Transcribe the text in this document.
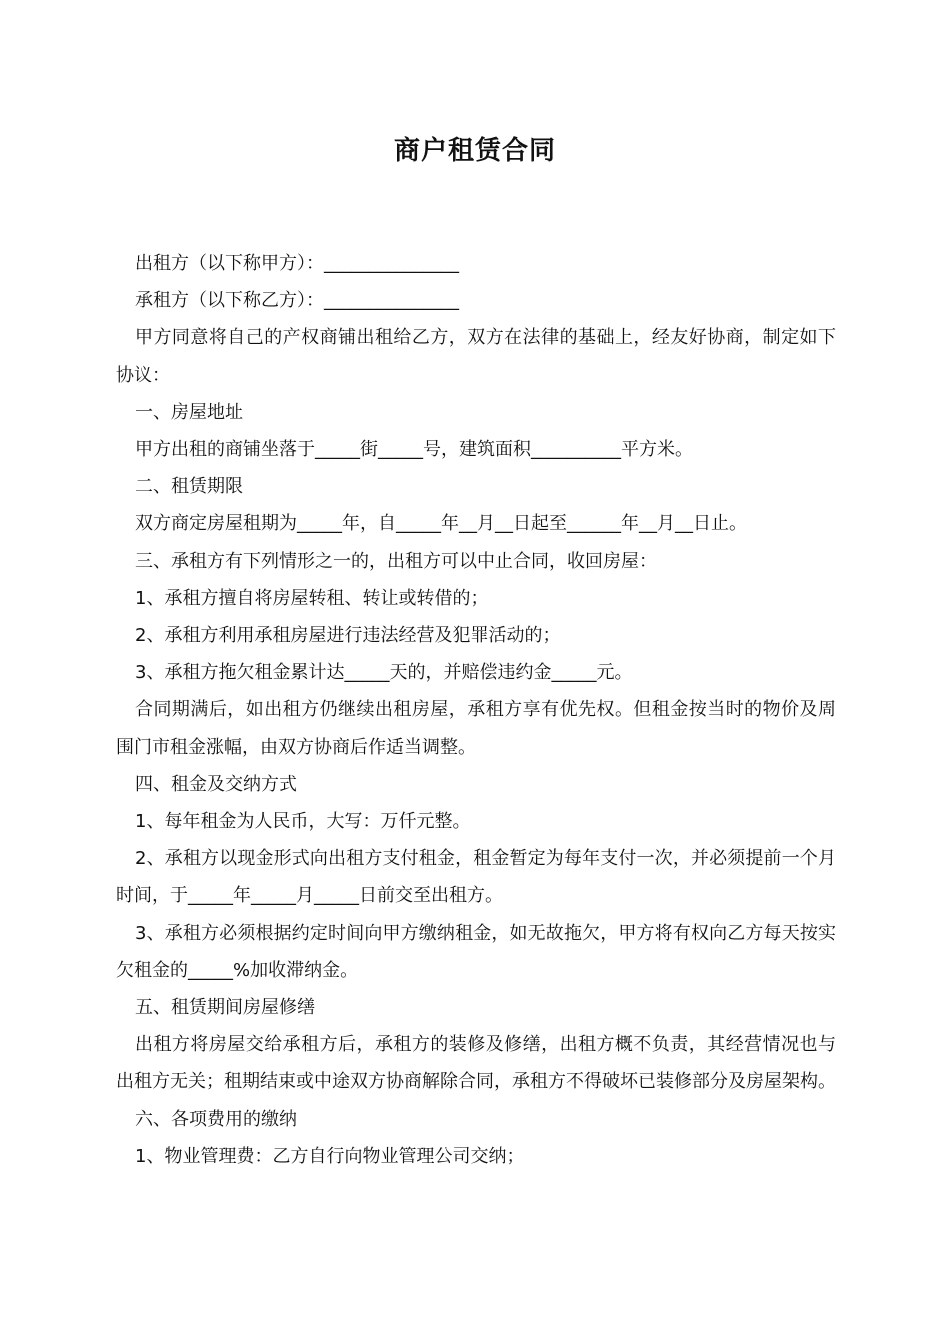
商户租赁合同

出租方（以下称甲方）：_______________

承租方（以下称乙方）：_______________

甲方同意将自己的产权商铺出租给乙方，双方在法律的基础上，经友好协商，制定如下协议：

一、房屋地址

甲方出租的商铺坐落于_____街_____号，建筑面积__________平方米。

二、租赁期限

双方商定房屋租期为_____年，自_____年__月__日起至______年__月__日止。

三、承租方有下列情形之一的，出租方可以中止合同，收回房屋：

1、承租方擅自将房屋转租、转让或转借的；

2、承租方利用承租房屋进行违法经营及犯罪活动的；

3、承租方拖欠租金累计达_____天的，并赔偿违约金_____元。

合同期满后，如出租方仍继续出租房屋，承租方享有优先权。但租金按当时的物价及周围门市租金涨幅，由双方协商后作适当调整。

四、租金及交纳方式

1、每年租金为人民币，大写：万仟元整。

2、承租方以现金形式向出租方支付租金，租金暂定为每年支付一次，并必须提前一个月时间，于_____年_____月_____日前交至出租方。

3、承租方必须根据约定时间向甲方缴纳租金，如无故拖欠，甲方将有权向乙方每天按实欠租金的_____%加收滞纳金。

五、租赁期间房屋修缮

出租方将房屋交给承租方后，承租方的装修及修缮，出租方概不负责，其经营情况也与出租方无关；租期结束或中途双方协商解除合同，承租方不得破坏已装修部分及房屋架构。

六、各项费用的缴纳

1、物业管理费：乙方自行向物业管理公司交纳；
